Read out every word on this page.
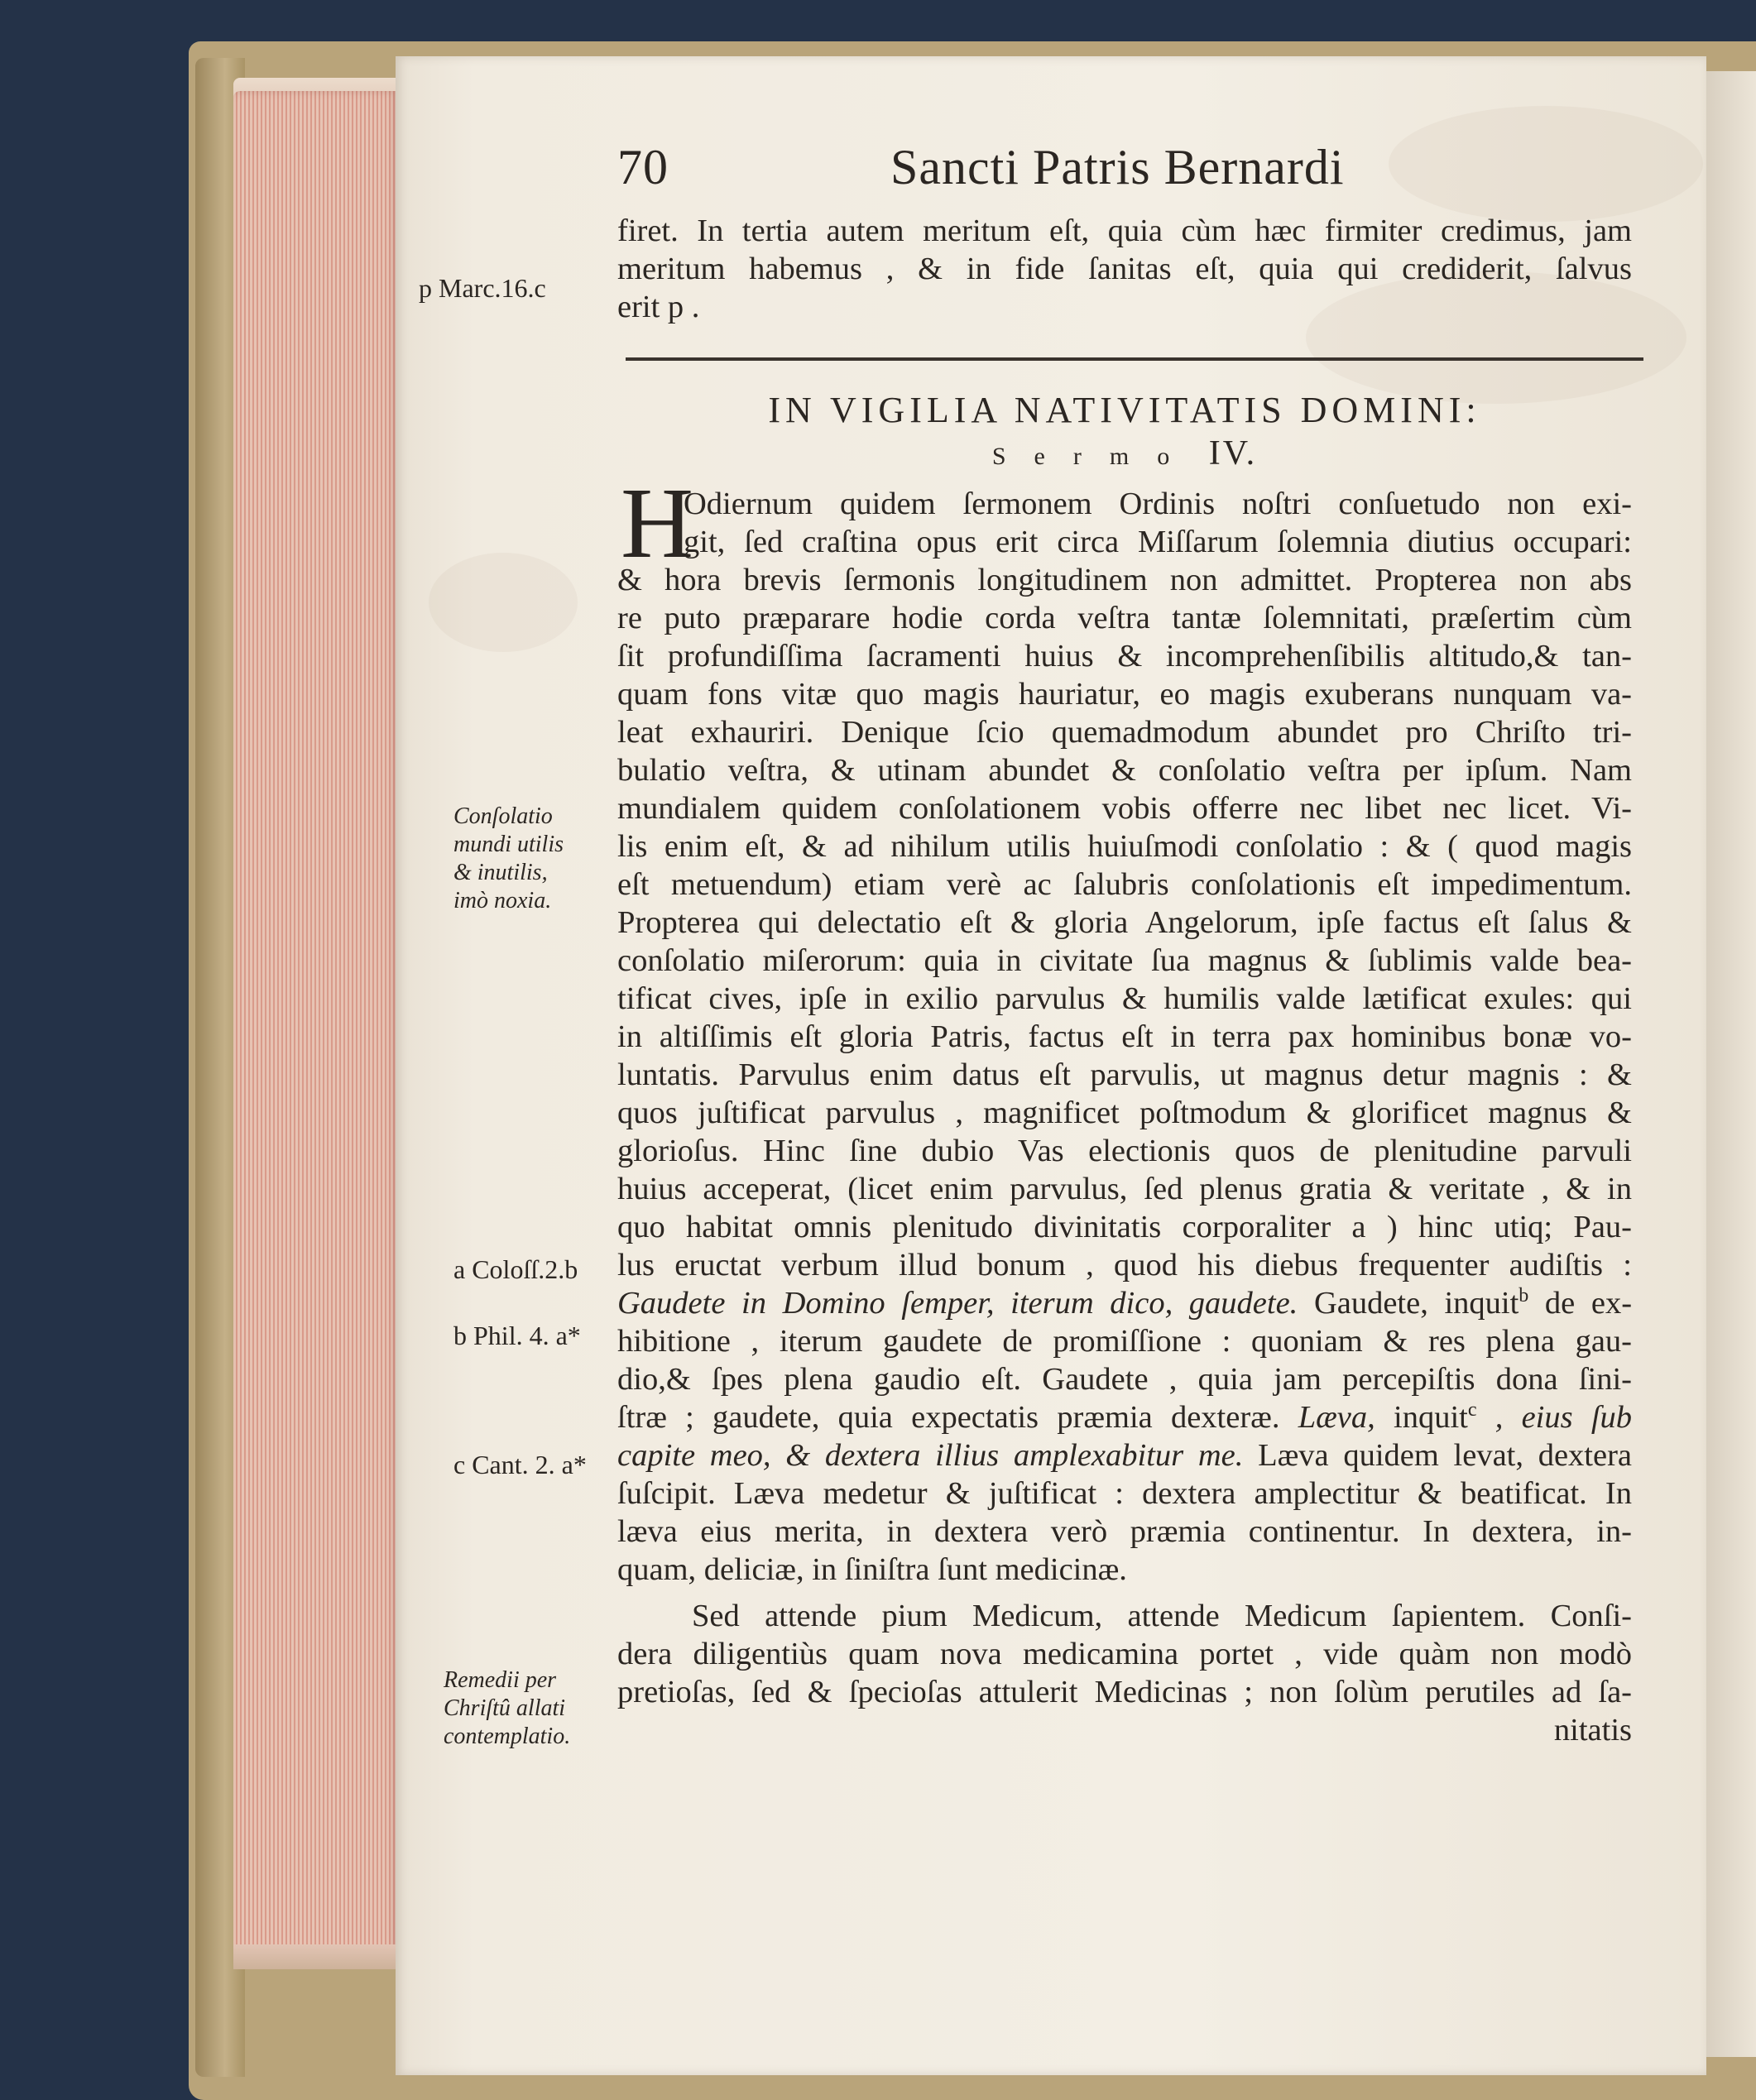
70	Sancti Patris Bernardi
firet. In tertia autem meritum eſt, quia cùm hæc firmiter credimus, jam
meritum habemus , & in fide ſanitas eſt, quia qui crediderit, ſalvus
erit p .
IN VIGILIA NATIVITATIS DOMINI:
Sermo IV.
H
Odiernum quidem ſermonem Ordinis noſtri conſuetudo non exi-
git, ſed craſtina opus erit circa Miſſarum ſolemnia diutius occupari:
& hora brevis ſermonis longitudinem non admittet. Propterea non abs
re puto præparare hodie corda veſtra tantæ ſolemnitati, præſertim cùm
ſit profundiſſima ſacramenti huius & incomprehenſibilis altitudo,& tan-
quam fons vitæ quo magis hauriatur, eo magis exuberans nunquam va-
leat exhauriri. Denique ſcio quemadmodum abundet pro Chriſto tri-
bulatio veſtra, & utinam abundet & conſolatio veſtra per ipſum. Nam
mundialem quidem conſolationem vobis offerre nec libet nec licet. Vi-
lis enim eſt, & ad nihilum utilis huiuſmodi conſolatio : & ( quod magis
eſt metuendum) etiam verè ac ſalubris conſolationis eſt impedimentum.
Propterea qui delectatio eſt & gloria Angelorum, ipſe factus eſt ſalus &
conſolatio miſerorum: quia in civitate ſua magnus & ſublimis valde bea-
tificat cives, ipſe in exilio parvulus & humilis valde lætificat exules: qui
in altiſſimis eſt gloria Patris, factus eſt in terra pax hominibus bonæ vo-
luntatis. Parvulus enim datus eſt parvulis, ut magnus detur magnis : &
quos juſtificat parvulus , magnificet poſtmodum & glorificet magnus &
glorioſus. Hinc ſine dubio Vas electionis quos de plenitudine parvuli
huius acceperat, (licet enim parvulus, ſed plenus gratia & veritate , & in
quo habitat omnis plenitudo divinitatis corporaliter a ) hinc utiq; Pau-
lus eructat verbum illud bonum , quod his diebus frequenter audiſtis :
Gaudete in Domino ſemper, iterum dico, gaudete. Gaudete, inquit$^b$ de ex-
hibitione , iterum gaudete de promiſſione : quoniam & res plena gau-
dio,& ſpes plena gaudio eſt. Gaudete , quia jam percepiſtis dona ſini-
ſtræ ; gaudete, quia expectatis præmia dexteræ. Læva, inquit$^c$ , eius ſub
capite meo, & dextera illius amplexabitur me. Læva quidem levat, dextera
ſuſcipit. Læva medetur & juſtificat : dextera amplectitur & beatificat. In
læva eius merita, in dextera verò præmia continentur. In dextera, in-
quam, deliciæ, in ſiniſtra ſunt medicinæ.
Sed attende pium Medicum, attende Medicum ſapientem. Conſi-
dera diligentiùs quam nova medicamina portet , vide quàm non modò
pretioſas, ſed & ſpecioſas attulerit Medicinas ; non ſolùm perutiles ad ſa-
nitatis
p Marc.16.c
Conſolatio
mundi utilis
& inutilis,
imò noxia.
a Coloſſ.2.b
b Phil. 4. a*
c Cant. 2. a*
Remedii per
Chriſtû allati
contemplatio.
